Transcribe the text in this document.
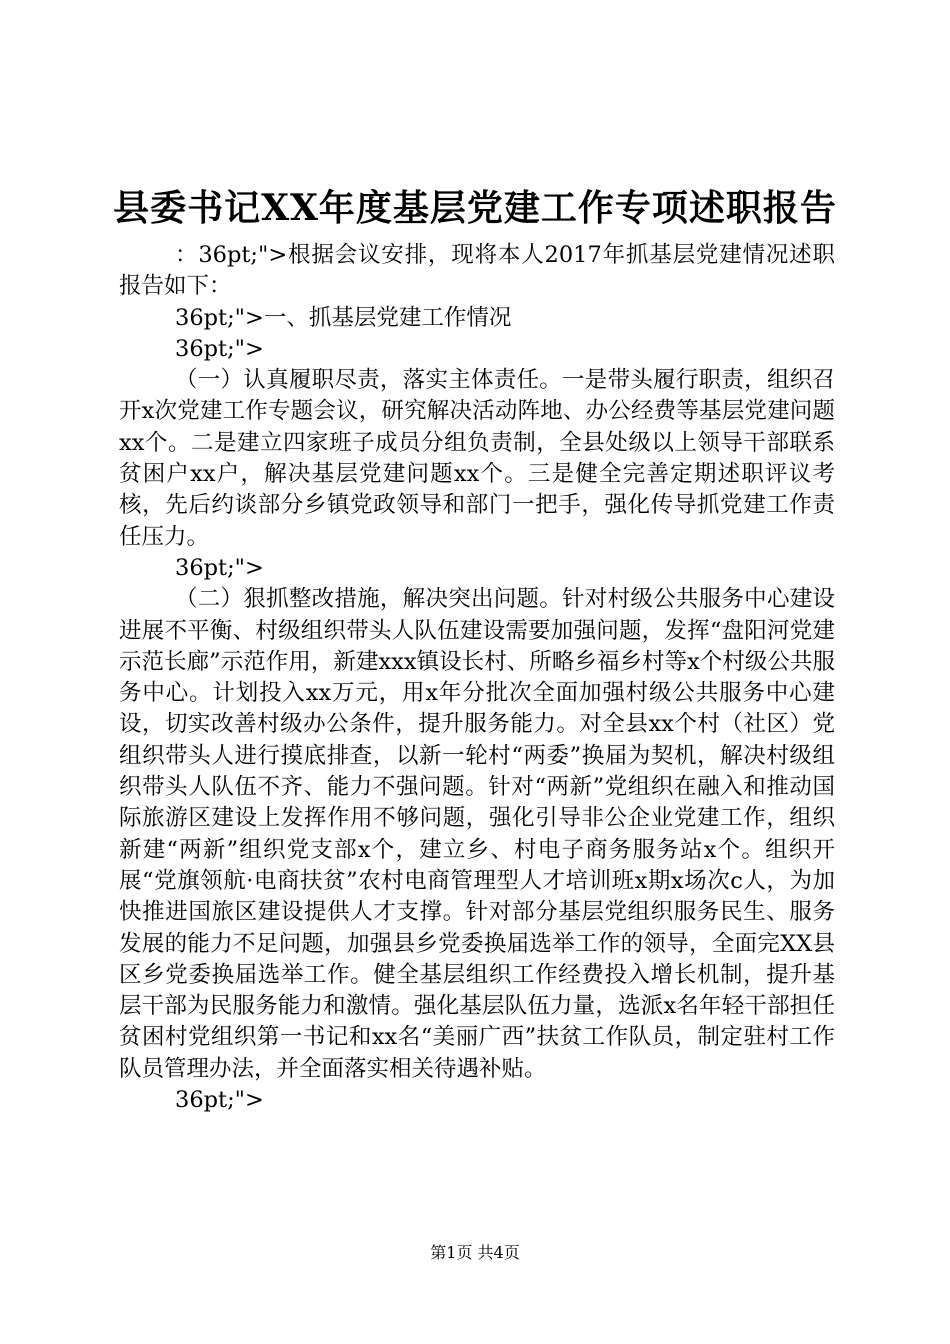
县委书记XX年度基层党建工作专项述职报告

：36pt;">根据会议安排，现将本人2017年抓基层党建情况述职报告如下：

36pt;">一、抓基层党建工作情况

36pt;">

（一）认真履职尽责，落实主体责任。一是带头履行职责，组织召开x次党建工作专题会议，研究解决活动阵地、办公经费等基层党建问题xx个。二是建立四家班子成员分组负责制，全县处级以上领导干部联系贫困户xx户，解决基层党建问题xx个。三是健全完善定期述职评议考核，先后约谈部分乡镇党政领导和部门一把手，强化传导抓党建工作责任压力。

36pt;">

（二）狠抓整改措施，解决突出问题。针对村级公共服务中心建设进展不平衡、村级组织带头人队伍建设需要加强问题，发挥“盘阳河党建示范长廊”示范作用，新建xxx镇设长村、所略乡福乡村等x个村级公共服务中心。计划投入xx万元，用x年分批次全面加强村级公共服务中心建设，切实改善村级办公条件，提升服务能力。对全县xx个村（社区）党组织带头人进行摸底排查，以新一轮村“两委”换届为契机，解决村级组织带头人队伍不齐、能力不强问题。针对“两新”党组织在融入和推动国际旅游区建设上发挥作用不够问题，强化引导非公企业党建工作，组织新建“两新”组织党支部x个，建立乡、村电子商务服务站x个。组织开展“党旗领航·电商扶贫”农村电商管理型人才培训班x期x场次c人，为加快推进国旅区建设提供人才支撑。针对部分基层党组织服务民生、服务发展的能力不足问题，加强县乡党委换届选举工作的领导，全面完XX县区乡党委换届选举工作。健全基层组织工作经费投入增长机制，提升基层干部为民服务能力和激情。强化基层队伍力量，选派x名年轻干部担任贫困村党组织第一书记和xx名“美丽广西”扶贫工作队员，制定驻村工作队员管理办法，并全面落实相关待遇补贴。

36pt;">

第1页 共4页
